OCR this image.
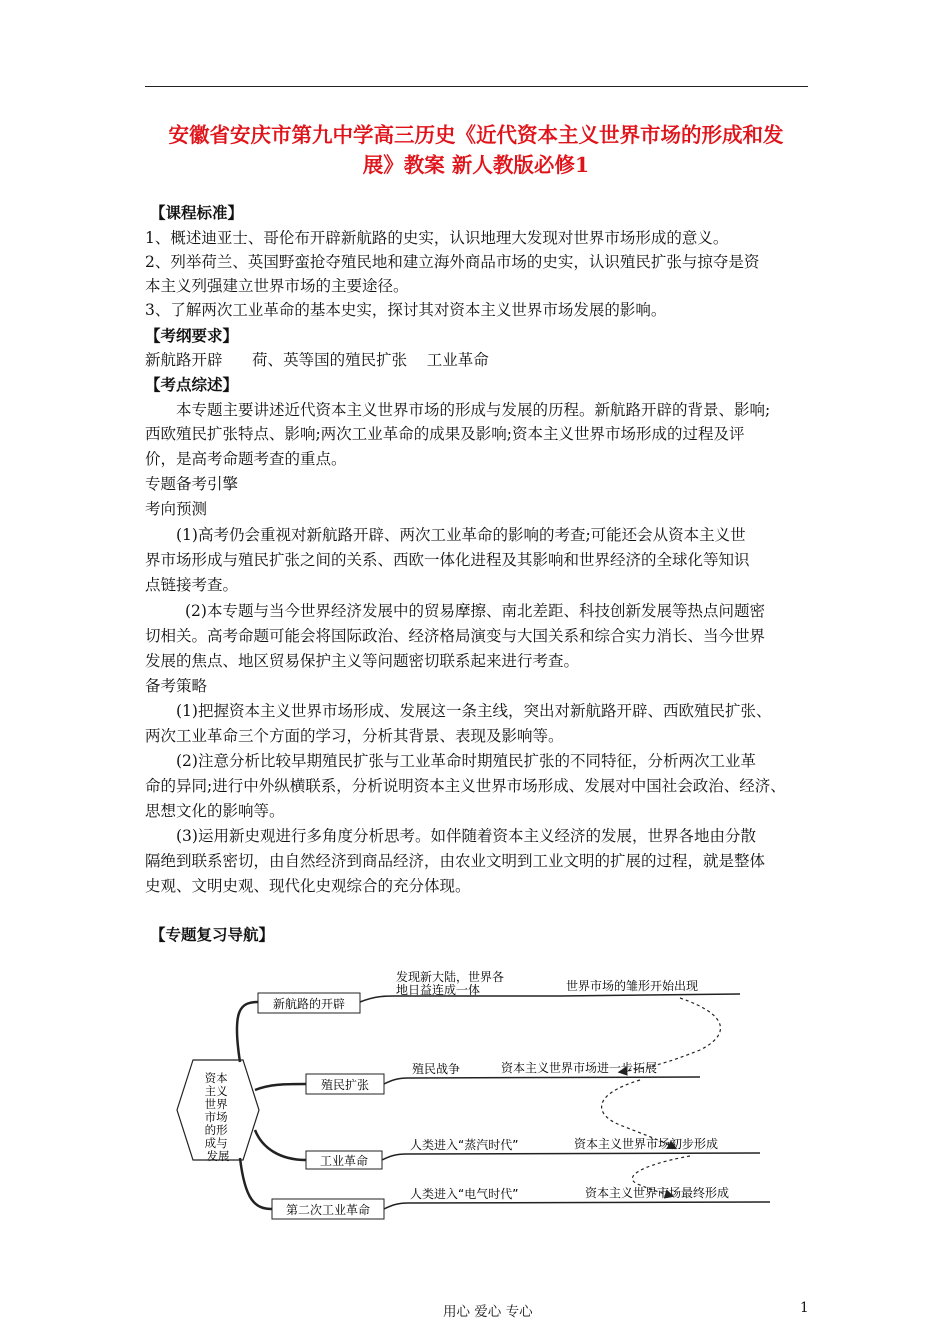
安徽省安庆市第九中学高三历史《近代资本主义世界市场的形成和发
展》教案 新人教版必修1
【课程标准】
1、概述迪亚士、哥伦布开辟新航路的史实，认识地理大发现对世界市场形成的意义。
2、列举荷兰、英国野蛮抢夺殖民地和建立海外商品市场的史实，认识殖民扩张与掠夺是资
本主义列强建立世界市场的主要途径。
3、了解两次工业革命的基本史实，探讨其对资本主义世界市场发展的影响。
【考纲要求】
新航路开辟      荷、英等国的殖民扩张    工业革命
【考点综述】
本专题主要讲述近代资本主义世界市场的形成与发展的历程。新航路开辟的背景、影响;
西欧殖民扩张特点、影响;两次工业革命的成果及影响;资本主义世界市场形成的过程及评
价，是高考命题考查的重点。
专题备考引擎
考向预测
(1)高考仍会重视对新航路开辟、两次工业革命的影响的考查;可能还会从资本主义世
界市场形成与殖民扩张之间的关系、西欧一体化进程及其影响和世界经济的全球化等知识
点链接考查。
(2)本专题与当今世界经济发展中的贸易摩擦、南北差距、科技创新发展等热点问题密
切相关。高考命题可能会将国际政治、经济格局演变与大国关系和综合实力消长、当今世界
发展的焦点、地区贸易保护主义等问题密切联系起来进行考查。
备考策略
(1)把握资本主义世界市场形成、发展这一条主线，突出对新航路开辟、西欧殖民扩张、
两次工业革命三个方面的学习，分析其背景、表现及影响等。
(2)注意分析比较早期殖民扩张与工业革命时期殖民扩张的不同特征，分析两次工业革
命的异同;进行中外纵横联系，分析说明资本主义世界市场形成、发展对中国社会政治、经济、
思想文化的影响等。
(3)运用新史观进行多角度分析思考。如伴随着资本主义经济的发展，世界各地由分散
隔绝到联系密切，由自然经济到商品经济，由农业文明到工业文明的扩展的过程，就是整体
史观、文明史观、现代化史观综合的充分体现。
【专题复习导航】
资本 主义 世界 市场 的形 成与 发展
新航路的开辟
发现新大陆，世界各
地日益连成一体	世界市场的雏形开始出现
殖民扩张
殖民战争	资本主义世界市场进一步拓展
工业革命
人类进入“蒸汽时代”	资本主义世界市场初步形成
第二次工业革命
人类进入“电气时代”	资本主义世界市场最终形成
用心 爱心 专心	1
